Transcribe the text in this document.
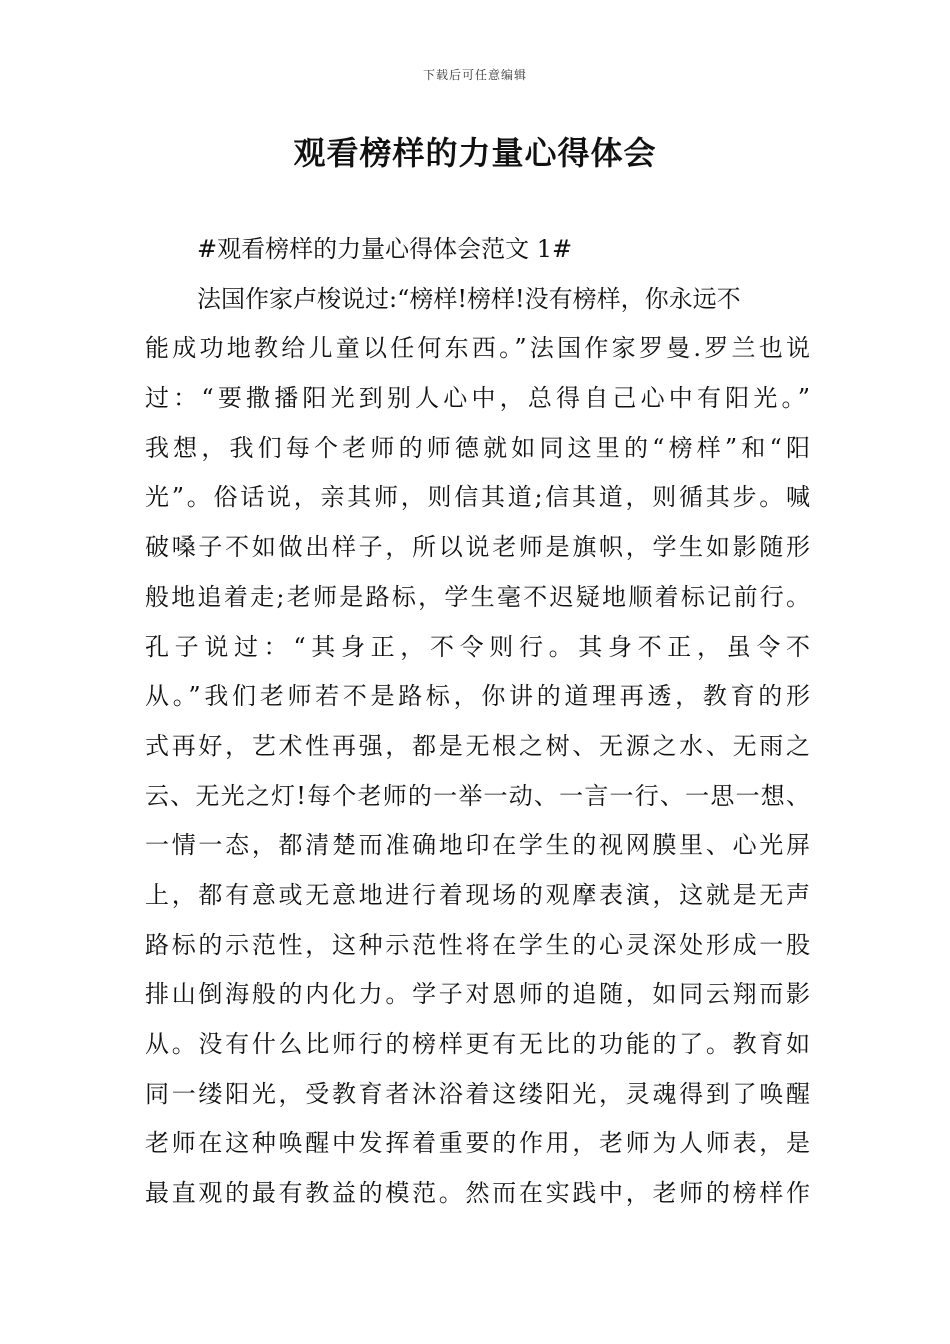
下载后可任意编辑
观看榜样的力量心得体会
#观看榜样的力量心得体会范文 1#
法国作家卢梭说过:“榜样!榜样!没有榜样，你永远不
能成功地教给儿童以任何东西。”法国作家罗曼.罗兰也说
过：“要撒播阳光到别人心中，总得自己心中有阳光。”
我想，我们每个老师的师德就如同这里的“榜样”和“阳
光”。俗话说，亲其师，则信其道;信其道，则循其步。喊
破嗓子不如做出样子，所以说老师是旗帜，学生如影随形
般地追着走;老师是路标，学生毫不迟疑地顺着标记前行。
孔子说过：“其身正，不令则行。其身不正，虽令不
从。”我们老师若不是路标，你讲的道理再透，教育的形
式再好，艺术性再强，都是无根之树、无源之水、无雨之
云、无光之灯!每个老师的一举一动、一言一行、一思一想、
一情一态，都清楚而准确地印在学生的视网膜里、心光屏
上，都有意或无意地进行着现场的观摩表演，这就是无声
路标的示范性，这种示范性将在学生的心灵深处形成一股
排山倒海般的内化力。学子对恩师的追随，如同云翔而影
从。没有什么比师行的榜样更有无比的功能的了。教育如
同一缕阳光，受教育者沐浴着这缕阳光，灵魂得到了唤醒
老师在这种唤醒中发挥着重要的作用，老师为人师表，是
最直观的最有教益的模范。然而在实践中，老师的榜样作
